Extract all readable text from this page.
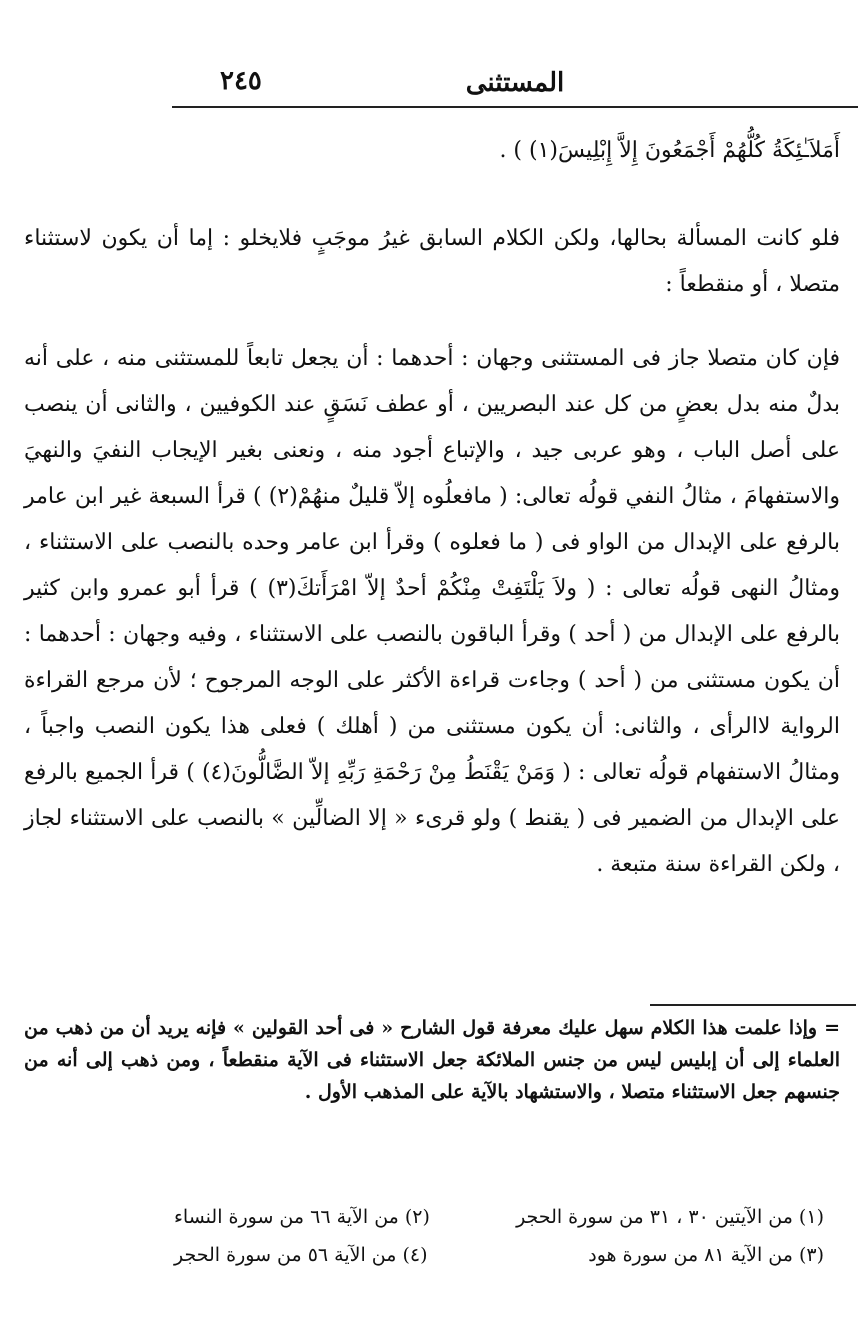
المستثنى
٢٤٥
أَمَلاَـٰئِكَةُ كُلُّهُمْ أَجْمَعُونَ إِلاَّ إِبْلِيسَ(١) ) .
فلو كانت المسألة بحالها، ولكن الكلام السابق غيرُ موجَبٍ فلايخلو : إما أن يكون لاستثناء متصلا ، أو منقطعاً :
فإن كان متصلا جاز فى المستثنى وجهان : أحدهما : أن يجعل تابعاً للمستثنى منه ، على أنه بدلٌ منه بدل بعضٍ من كل عند البصريين ، أو عطف نَسَقٍ عند الكوفيين ، والثانى أن ينصب على أصل الباب ، وهو عربى جيد ، والإتباع أجود منه ، ونعنى بغير الإيجاب النفيَ والنهيَ والاستفهامَ ، مثالُ النفي قولُه تعالى: ( مافعلُوه إلاّ قليلٌ منهُمْ(٢) ) قرأ السبعة غير ابن عامر بالرفع على الإبدال من الواو فى ( ما فعلوه ) وقرأ ابن عامر وحده بالنصب على الاستثناء ، ومثالُ النهى قولُه تعالى : ( ولاَ يَلْتَفِتْ مِنْكُمْ أحدٌ إلاّ امْرَأَتكَ(٣) ) قرأ أبو عمرو وابن كثير بالرفع على الإبدال من ( أحد ) وقرأ الباقون بالنصب على الاستثناء ، وفيه وجهان : أحدهما : أن يكون مستثنى من ( أحد ) وجاءت قراءة الأكثر على الوجه المرجوح ؛ لأن مرجع القراءة الرواية لاالرأى ، والثانى: أن يكون مستثنى من ( أهلك ) فعلى هذا يكون النصب واجباً ، ومثالُ الاستفهام قولُه تعالى : ( وَمَنْ يَقْنَطُ مِنْ رَحْمَةِ رَبِّهِ إلاّ الضَّالُّونَ(٤) ) قرأ الجميع بالرفع على الإبدال من الضمير فى ( يقنط ) ولو قرىء « إلا الضالِّين » بالنصب على الاستثناء لجاز ، ولكن القراءة سنة متبعة .
= وإذا علمت هذا الكلام سهل عليك معرفة قول الشارح « فى أحد القولين » فإنه يريد أن من ذهب من العلماء إلى أن إبليس ليس من جنس الملائكة جعل الاستثناء فى الآية منقطعاً ، ومن ذهب إلى أنه من جنسهم جعل الاستثناء متصلا ، والاستشهاد بالآية على المذهب الأول .
(١) من الآيتين ٣٠ ، ٣١ من سورة الحجر
(٢) من الآية ٦٦ من سورة النساء
(٣) من الآية ٨١ من سورة هود
(٤) من الآية ٥٦ من سورة الحجر
